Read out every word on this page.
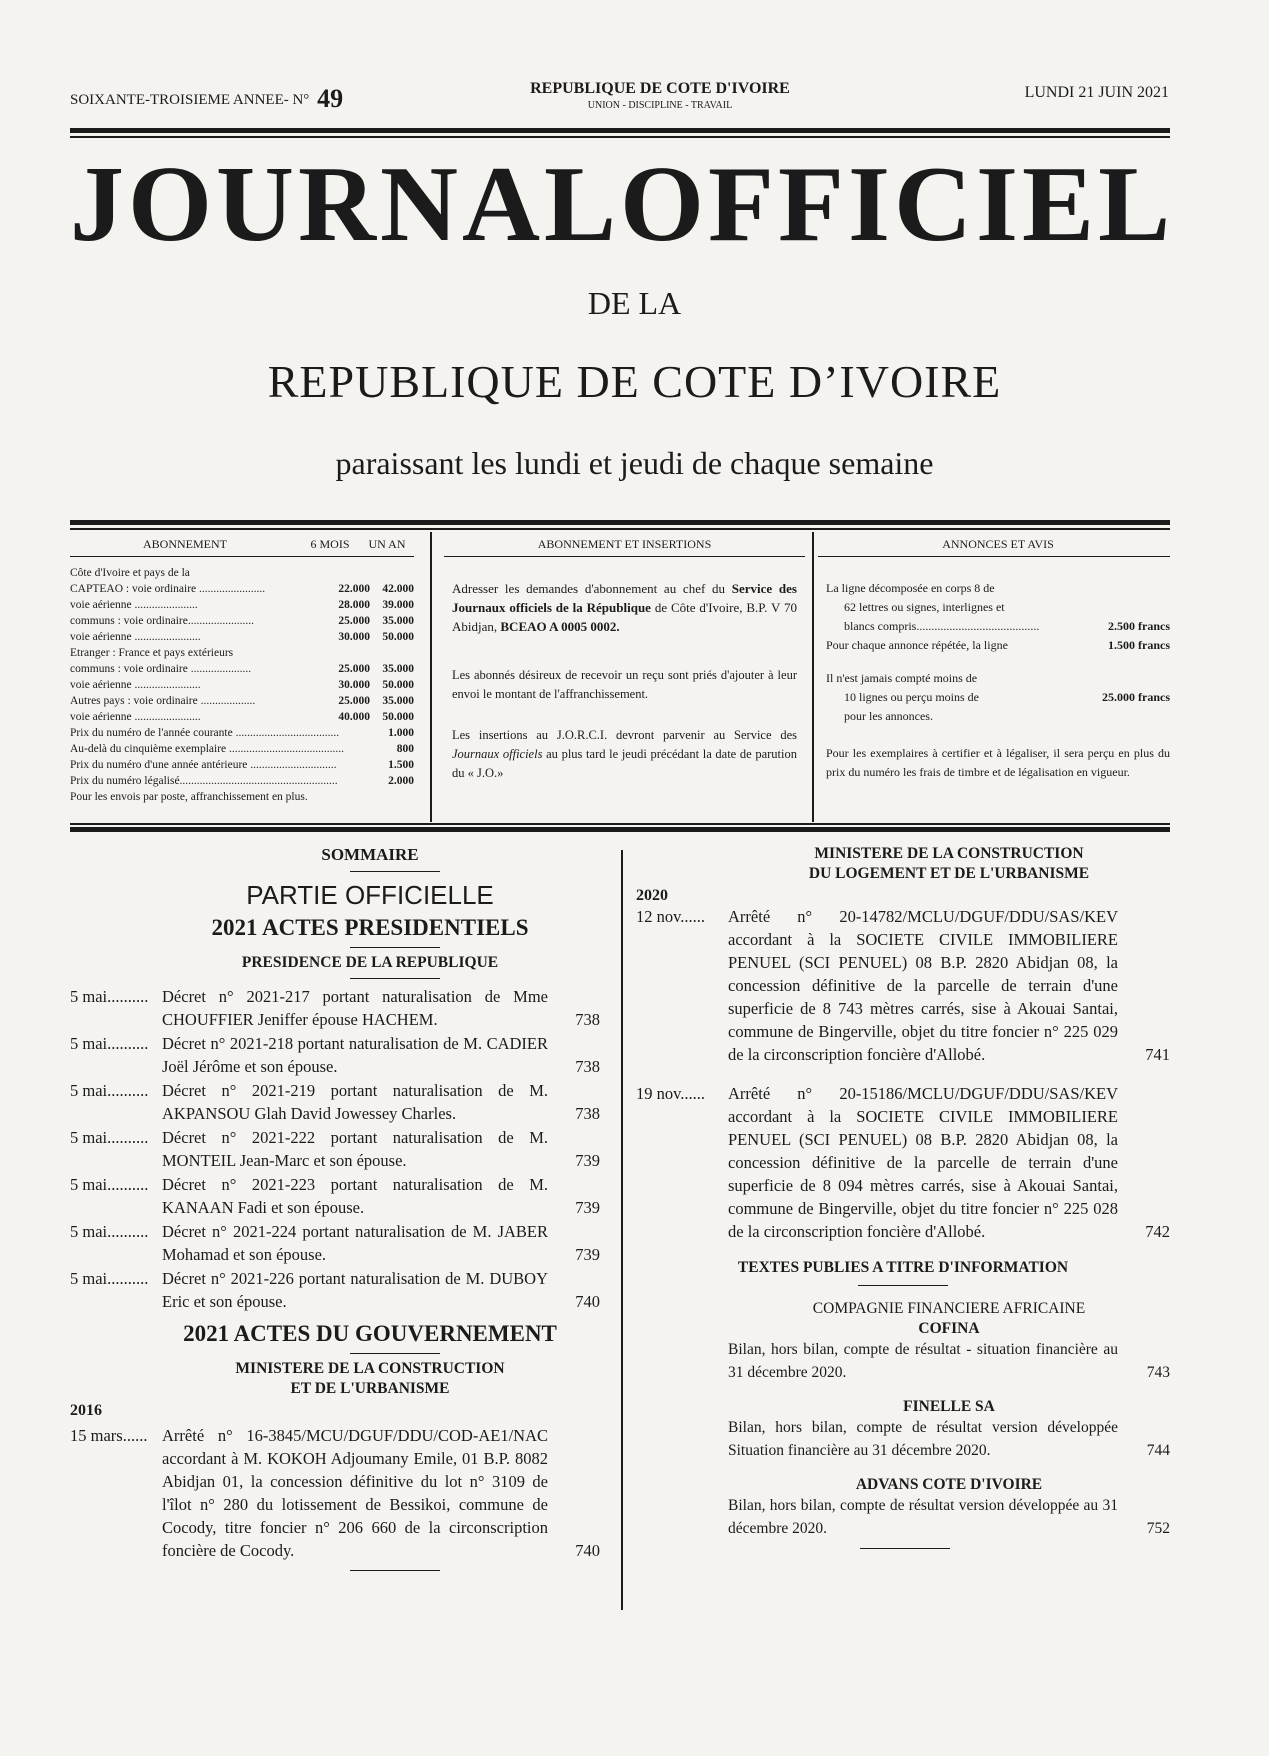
SOIXANTE-TROISIEME ANNEE- N° 49	REPUBLIQUE DE COTE D'IVOIRE
UNION - DISCIPLINE - TRAVAIL
LUNDI 21 JUIN 2021
JOURNAL OFFICIEL
DE LA
REPUBLIQUE DE COTE D’IVOIRE
paraissant les lundi et jeudi de chaque semaine
ABONNEMENT	6 MOIS	UN AN
Côte d'Ivoire et pays de la
CAPTEAO : voie ordinaire .......................	22.000	42.000
voie aérienne ......................	28.000	39.000
communs : voie ordinaire.......................	25.000	35.000
voie aérienne .......................	30.000	50.000
Etranger : France et pays extérieurs
communs : voie ordinaire .....................	25.000	35.000
voie aérienne .......................	30.000	50.000
Autres pays : voie ordinaire ...................	25.000	35.000
voie aérienne .......................	40.000	50.000
Prix du numéro de l'année courante ....................................	1.000
Au-delà du cinquième exemplaire ........................................	800
Prix du numéro d'une année antérieure ..............................	1.500
Prix du numéro légalisé.......................................................	2.000
Pour les envois par poste, affranchissement en plus.
ABONNEMENT ET INSERTIONS

Adresser les demandes d'abonnement au chef du Service des Journaux officiels de la République de Côte d'Ivoire, B.P. V 70 Abidjan, BCEAO A 0005 0002.

Les abonnés désireux de recevoir un reçu sont priés d'ajouter à leur envoi le montant de l'affranchissement.

Les insertions au J.O.R.C.I. devront parvenir au Service des Journaux officiels au plus tard le jeudi précédant la date de parution du « J.O.»

ANNONCES ET AVIS
La ligne décomposée en corps 8 de
62 lettres ou signes, interlignes et
blancs compris.........................................	2.500 francs
Pour chaque annonce répétée, la ligne	1.500 francs
Il n'est jamais compté moins de
10 lignes ou perçu moins de	25.000 francs
pour les annonces.

Pour les exemplaires à certifier et à légaliser, il sera perçu en plus du prix du numéro les frais de timbre et de légalisation en vigueur.

SOMMAIRE
PARTIE OFFICIELLE
2021 ACTES PRESIDENTIELS
PRESIDENCE DE LA REPUBLIQUE
5 mai.......... Décret n° 2021-217 portant naturalisation de Mme CHOUFFIER Jeniffer épouse HACHEM.	738
5 mai.......... Décret n° 2021-218 portant naturalisation de M. CADIER Joël Jérôme et son épouse.	738
5 mai.......... Décret n° 2021-219 portant naturalisation de M. AKPANSOU Glah David Jowessey Charles.	738
5 mai.......... Décret n° 2021-222 portant naturalisation de M. MONTEIL Jean-Marc et son épouse.	739
5 mai.......... Décret n° 2021-223 portant naturalisation de M. KANAAN Fadi et son épouse.	739
5 mai.......... Décret n° 2021-224 portant naturalisation de M. JABER Mohamad et son épouse.	739
5 mai.......... Décret n° 2021-226 portant naturalisation de M. DUBOY Eric et son épouse.	740
2021 ACTES DU GOUVERNEMENT
MINISTERE DE LA CONSTRUCTION
ET DE L'URBANISME
2016
15 mars...... Arrêté n° 16-3845/MCU/DGUF/DDU/COD-AE1/NAC accordant à M. KOKOH Adjoumany Emile, 01 B.P. 8082 Abidjan 01, la concession définitive du lot n° 3109 de l'îlot n° 280 du lotissement de Bessikoi, commune de Cocody, titre foncier n° 206 660 de la circonscription foncière de Cocody.	740
MINISTERE DE LA CONSTRUCTION
DU LOGEMENT ET DE L'URBANISME
2020
12 nov......	Arrêté n° 20-14782/MCLU/DGUF/DDU/SAS/KEV accordant à la SOCIETE CIVILE IMMOBILIERE PENUEL (SCI PENUEL) 08 B.P. 2820 Abidjan 08, la concession définitive de la parcelle de terrain d'une superficie de 8 743 mètres carrés, sise à Akouai Santai, commune de Bingerville, objet du titre foncier n° 225 029 de la circonscription foncière d'Allobé.	741
19 nov......	Arrêté n° 20-15186/MCLU/DGUF/DDU/SAS/KEV accordant à la SOCIETE CIVILE IMMOBILIERE PENUEL (SCI PENUEL) 08 B.P. 2820 Abidjan 08, la concession définitive de la parcelle de terrain d'une superficie de 8 094 mètres carrés, sise à Akouai Santai, commune de Bingerville, objet du titre foncier n° 225 028 de la circonscription foncière d'Allobé.	742
TEXTES PUBLIES A TITRE D'INFORMATION
COMPAGNIE FINANCIERE AFRICAINE
COFINA
Bilan, hors bilan, compte de résultat - situation financière au 31 décembre 2020.	743
FINELLE SA
Bilan, hors bilan, compte de résultat version développée Situation financière au 31 décembre 2020.	744
ADVANS COTE D'IVOIRE
Bilan, hors bilan, compte de résultat version développée au 31 décembre 2020.	752
